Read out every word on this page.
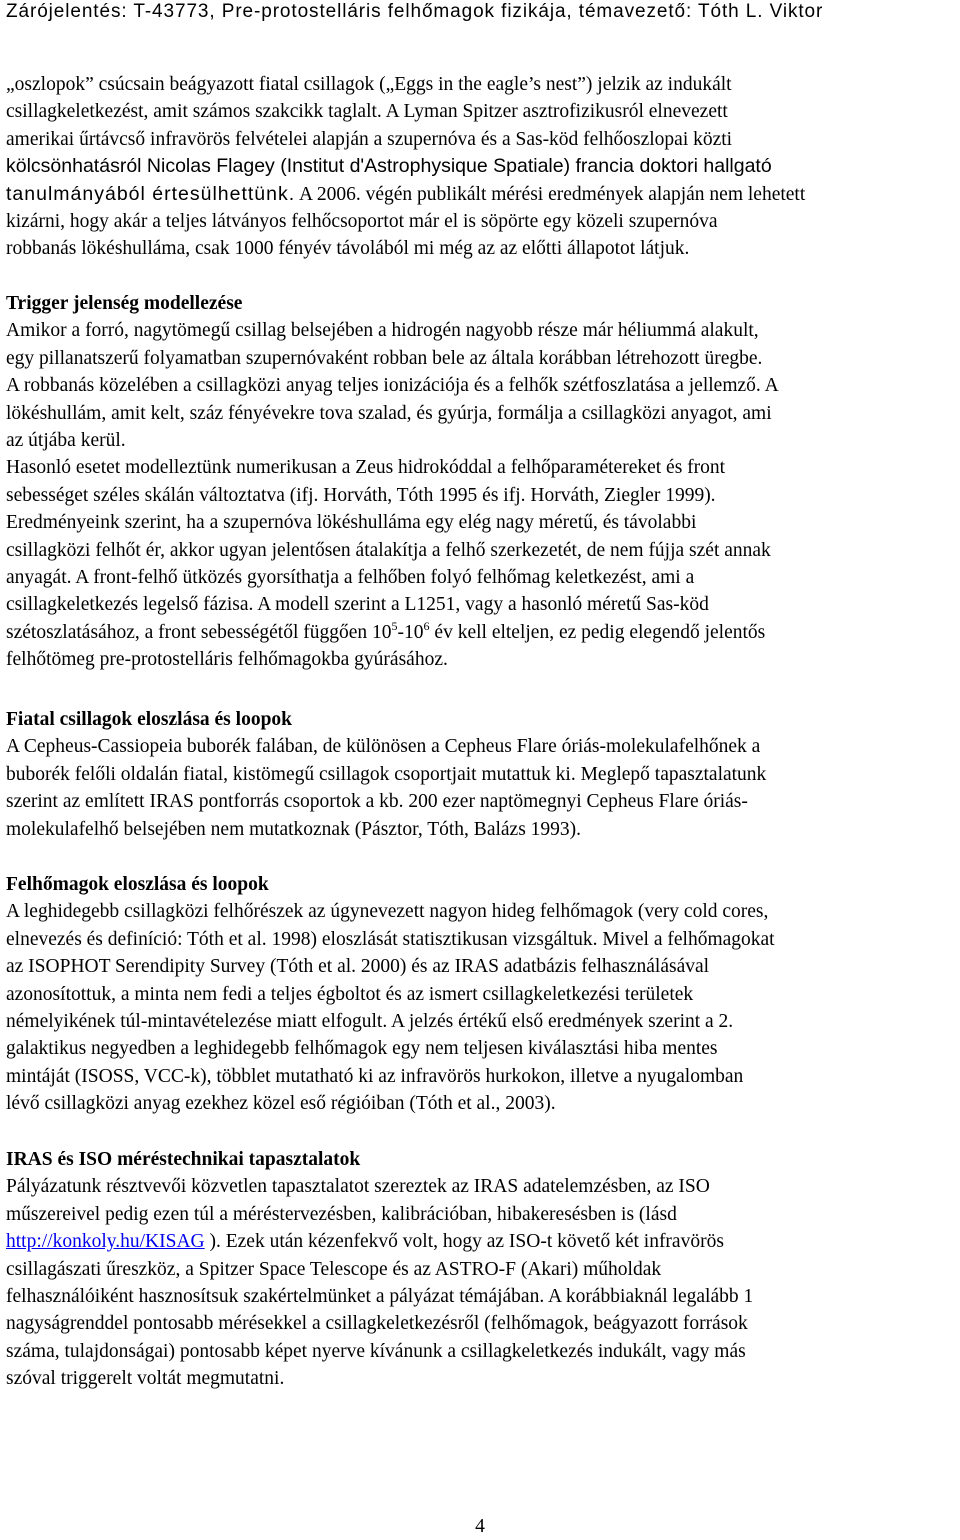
Zárójelentés: T-43773, Pre-protostelláris felhőmagok fizikája, témavezető: Tóth L. Viktor
„oszlopok” csúcsain beágyazott fiatal csillagok („Eggs in the eagle’s nest”) jelzik az indukált
csillagkeletkezést, amit számos szakcikk taglalt. A Lyman Spitzer asztrofizikusról elnevezett
amerikai űrtávcső infravörös felvételei alapján a szupernóva és a Sas-köd felhőoszlopai közti
kölcsönhatásról Nicolas Flagey (Institut d'Astrophysique Spatiale) francia doktori hallgató
tanulmányából értesülhettünk. A 2006. végén publikált mérési eredmények alapján nem lehetett
kizárni, hogy akár a teljes látványos felhőcsoportot már el is söpörte egy közeli szupernóva
robbanás lökéshulláma, csak 1000 fényév távolából mi még az az előtti állapotot látjuk.
Trigger jelenség modellezése
Amikor a forró, nagytömegű csillag belsejében a hidrogén nagyobb része már héliummá alakult,
egy pillanatszerű folyamatban szupernóvaként robban bele az általa korábban létrehozott üregbe.
A robbanás közelében a csillagközi anyag teljes ionizációja és a felhők szétfoszlatása a jellemző. A
lökéshullám, amit kelt, száz fényévekre tova szalad, és gyúrja, formálja a csillagközi anyagot, ami
az útjába kerül.
Hasonló esetet modelleztünk numerikusan a Zeus hidrokóddal a felhőparamétereket és front
sebességet széles skálán változtatva (ifj. Horváth, Tóth 1995 és ifj. Horváth, Ziegler 1999).
Eredményeink szerint, ha a szupernóva lökéshulláma egy elég nagy méretű, és távolabbi
csillagközi felhőt ér, akkor ugyan jelentősen átalakítja a felhő szerkezetét, de nem fújja szét annak
anyagát. A front-felhő ütközés gyorsíthatja a felhőben folyó felhőmag keletkezést, ami a
csillagkeletkezés legelső fázisa. A modell szerint a L1251, vagy a hasonló méretű Sas-köd
szétoszlatásához, a front sebességétől függően $10^5-10^6$ év kell elteljen, ez pedig elegendő jelentős
felhőtömeg pre-protostelláris felhőmagokba gyúrásához.
Fiatal csillagok eloszlása és loopok
A Cepheus-Cassiopeia buborék falában, de különösen a Cepheus Flare óriás-molekulafelhőnek a
buborék felőli oldalán fiatal, kistömegű csillagok csoportjait mutattuk ki. Meglepő tapasztalatunk
szerint az említett IRAS pontforrás csoportok a kb. 200 ezer naptömegnyi Cepheus Flare óriás-
molekulafelhő belsejében nem mutatkoznak (Pásztor, Tóth, Balázs 1993).
Felhőmagok eloszlása és loopok
A leghidegebb csillagközi felhőrészek az úgynevezett nagyon hideg felhőmagok (very cold cores,
elnevezés és definíció: Tóth et al. 1998) eloszlását statisztikusan vizsgáltuk. Mivel a felhőmagokat
az ISOPHOT Serendipity Survey (Tóth et al. 2000) és az IRAS adatbázis felhasználásával
azonosítottuk, a minta nem fedi a teljes égboltot és az ismert csillagkeletkezési területek
némelyikének túl-mintavételezése miatt elfogult. A jelzés értékű első eredmények szerint a 2.
galaktikus negyedben a leghidegebb felhőmagok egy nem teljesen kiválasztási hiba mentes
mintáját (ISOSS, VCC-k), többlet mutatható ki az infravörös hurkokon, illetve a nyugalomban
lévő csillagközi anyag ezekhez közel eső régióiban (Tóth et al., 2003).
IRAS és ISO méréstechnikai tapasztalatok
Pályázatunk résztvevői közvetlen tapasztalatot szereztek az IRAS adatelemzésben, az ISO
műszereivel pedig ezen túl a méréstervezésben, kalibrációban, hibakeresésben is (lásd
http://konkoly.hu/KISAG ). Ezek után kézenfekvő volt, hogy az ISO-t követő két infravörös
csillagászati űreszköz, a Spitzer Space Telescope és az ASTRO-F (Akari) műholdak
felhasználóiként hasznosítsuk szakértelmünket a pályázat témájában. A korábbiaknál legalább 1
nagyságrenddel pontosabb mérésekkel a csillagkeletkezésről (felhőmagok, beágyazott források
száma, tulajdonságai) pontosabb képet nyerve kívánunk a csillagkeletkezés indukált, vagy más
szóval triggerelt voltát megmutatni.
4
